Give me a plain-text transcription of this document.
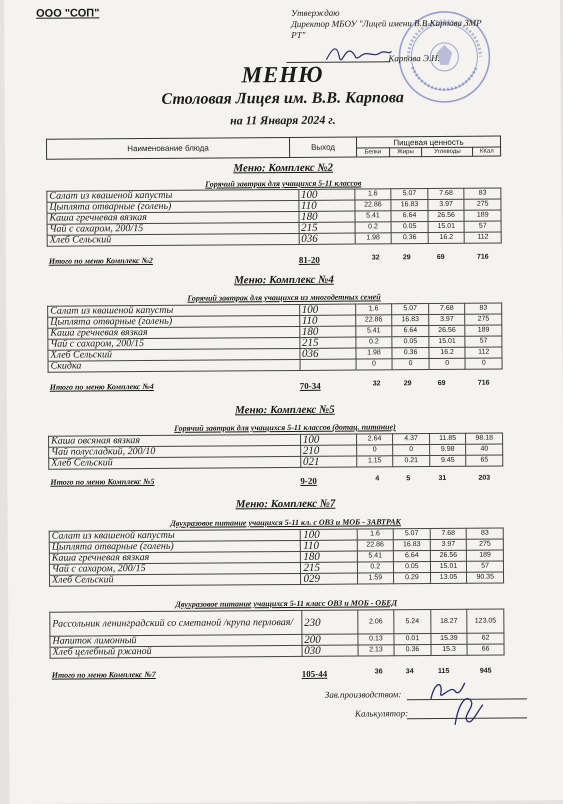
ООО "СОП"	Утверждаю
Директор МБОУ "Лицей имени В.В.Карпова ЗМР
РТ"
Карпова Э.Н.
МЕНЮ
Столовая Лицея им. В.В. Карпова
на 11 Января 2024 г.
Наименование блюда	Выход	Пищевая ценность			
		Белки	Жиры	Углеводы	ККал
Меню: Комплекс №2
Горячий завтрак для учащихся 5-11 классов
Салат из квашеной капусты	100	1.6	5.07	7.68	83
Цыплята отварные (голень)	110	22.86	16.83	3.97	275
Каша гречневая вязкая	180	5.41	6.64	26.56	189
Чай с сахаром, 200/15	215	0.2	0.05	15.01	57
Хлеб Сельский	036	1.98	0.36	16.2	112
Итого по меню Комплекс №2	81-20	32	29	69	716
Меню: Комплекс №4
Горячий завтрак для учащихся из многодетных семей
Салат из квашеной капусты	100	1.6	5.07	7.68	83
Цыплята отварные (голень)	110	22.86	16.83	3.97	275
Каша гречневая вязкая	180	5.41	6.64	26.56	189
Чай с сахаром, 200/15	215	0.2	0.05	15.01	57
Хлеб Сельский	036	1.98	0.36	16.2	112
Скидка		0	0	0	0
Итого по меню Комплекс №4	70-34	32	29	69	716
Меню: Комплекс №5
Горячий завтрак для учащихся 5-11 классов (дотац. питание)
Каша овсяная вязкая	100	2.64	4.37	11.85	98.18
Чай полусладкий, 200/10	210	0	0	9.98	40
Хлеб Сельский	021	1.15	0.21	9.45	65
Итого по меню Комплекс №5	9-20	4	5	31	203
Меню: Комплекс №7
Двухразовое питание учащихся 5-11 кл. с ОВЗ и МОБ - ЗАВТРАК
Салат из квашеной капусты	100	1.6	5.07	7.68	83
Цыплята отварные (голень)	110	22.86	16.83	3.97	275
Каша гречневая вязкая	180	5.41	6.64	26.56	189
Чай с сахаром, 200/15	215	0.2	0.05	15.01	57
Хлеб Сельский	029	1.59	0.29	13.05	90.35
Двухразовое питание учащихся 5-11 класс ОВЗ и МОБ - ОБЕД
Рассольник ленинградский со сметаной /крупа перловая/	230	2.06	5.24	18.27	123.05
Напиток лимонный	200	0.13	0.01	15.39	62
Хлеб целебный ржаной	030	2.13	0.36	15.3	66
Итого по меню Комплекс №7	105-44	36	34	115	945
Зав.производством:
Калькулятор:
